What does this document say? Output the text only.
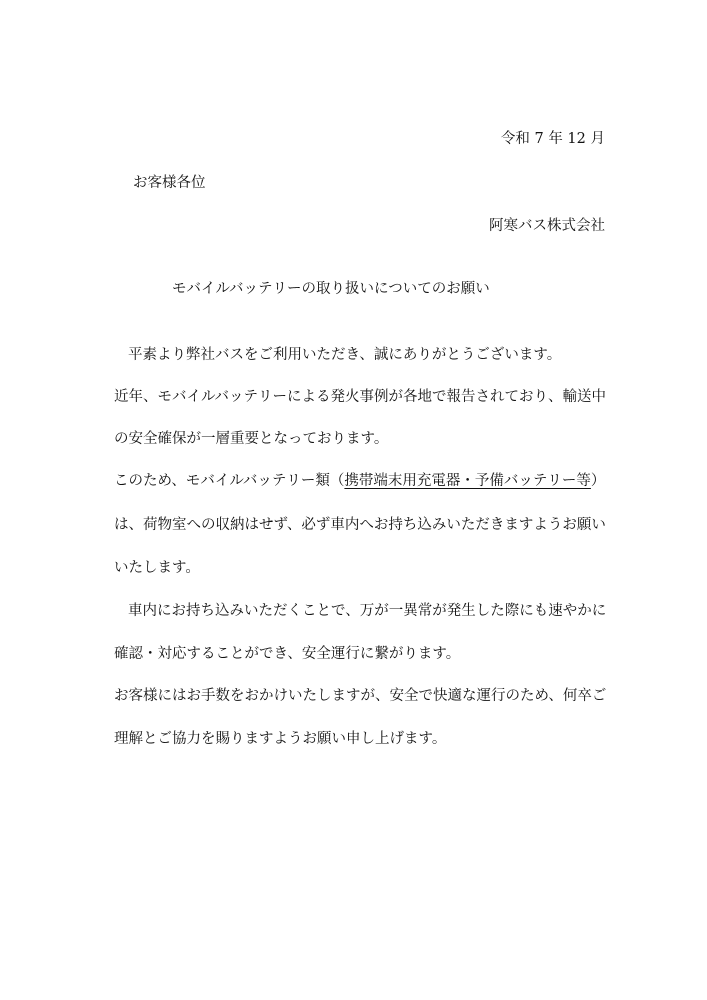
令和 7 年 12 月
お客様各位
阿寒バス株式会社
モバイルバッテリーの取り扱いについてのお願い
平素より弊社バスをご利用いただき、誠にありがとうございます。
近年、モバイルバッテリーによる発火事例が各地で報告されており、輸送中
の安全確保が一層重要となっております。
このため、モバイルバッテリー類（携帯端末用充電器・予備バッテリー等）
は、荷物室への収納はせず、必ず車内へお持ち込みいただきますようお願い
いたします。
車内にお持ち込みいただくことで、万が一異常が発生した際にも速やかに
確認・対応することができ、安全運行に繋がります。
お客様にはお手数をおかけいたしますが、安全で快適な運行のため、何卒ご
理解とご協力を賜りますようお願い申し上げます。
